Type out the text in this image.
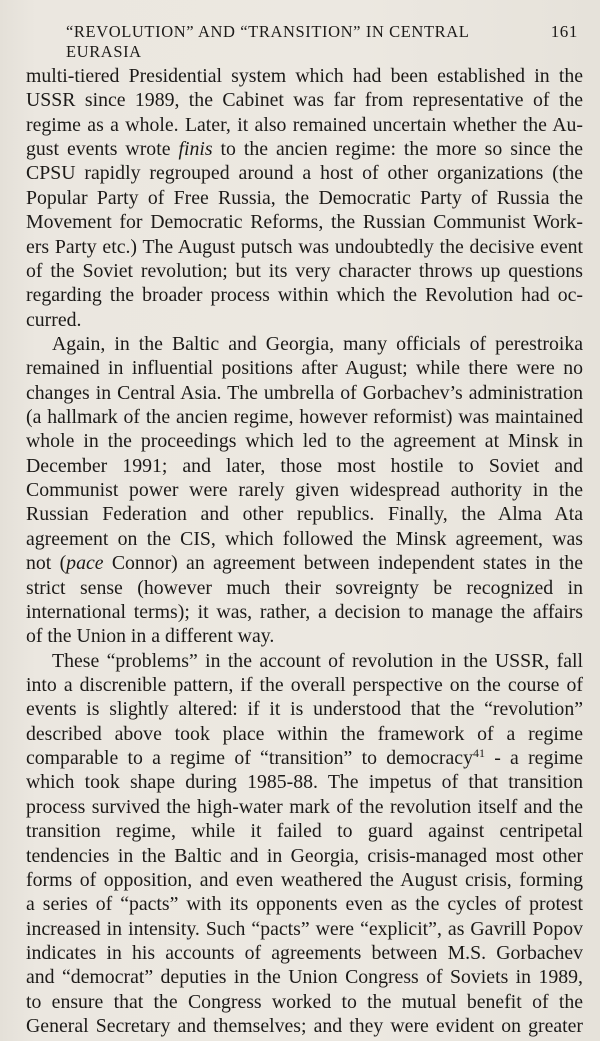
“REVOLUTION” AND “TRANSITION” IN CENTRAL EURASIA
161
multi-tiered Presidential system which had been established in the
USSR since 1989, the Cabinet was far from representative of the
regime as a whole. Later, it also remained uncertain whether the Au-
gust events wrote finis to the ancien regime: the more so since the
CPSU rapidly regrouped around a host of other organizations (the
Popular Party of Free Russia, the Democratic Party of Russia the
Movement for Democratic Reforms, the Russian Communist Work-
ers Party etc.) The August putsch was undoubtedly the decisive event
of the Soviet revolution; but its very character throws up questions
regarding the broader process within which the Revolution had oc-
curred.
Again, in the Baltic and Georgia, many officials of perestroika
remained in influential positions after August; while there were no
changes in Central Asia. The umbrella of Gorbachev’s administration
(a hallmark of the ancien regime, however reformist) was maintained
whole in the proceedings which led to the agreement at Minsk in
December 1991; and later, those most hostile to Soviet and
Communist power were rarely given widespread authority in the
Russian Federation and other republics. Finally, the Alma Ata
agreement on the CIS, which followed the Minsk agreement, was
not (pace Connor) an agreement between independent states in the
strict sense (however much their sovreignty be recognized in
international terms); it was, rather, a decision to manage the affairs
of the Union in a different way.
These “problems” in the account of revolution in the USSR, fall
into a discrenible pattern, if the overall perspective on the course of
events is slightly altered: if it is understood that the “revolution”
described above took place within the framework of a regime
comparable to a regime of “transition” to democracy$^{41}$ - a regime
which took shape during 1985-88. The impetus of that transition
process survived the high-water mark of the revolution itself and the
transition regime, while it failed to guard against centripetal
tendencies in the Baltic and in Georgia, crisis-managed most other
forms of opposition, and even weathered the August crisis, forming
a series of “pacts” with its opponents even as the cycles of protest
increased in intensity. Such “pacts” were “explicit”, as Gavrill Popov
indicates in his accounts of agreements between M.S. Gorbachev
and “democrat” deputies in the Union Congress of Soviets in 1989,
to ensure that the Congress worked to the mutual benefit of the
General Secretary and themselves; and they were evident on greater
